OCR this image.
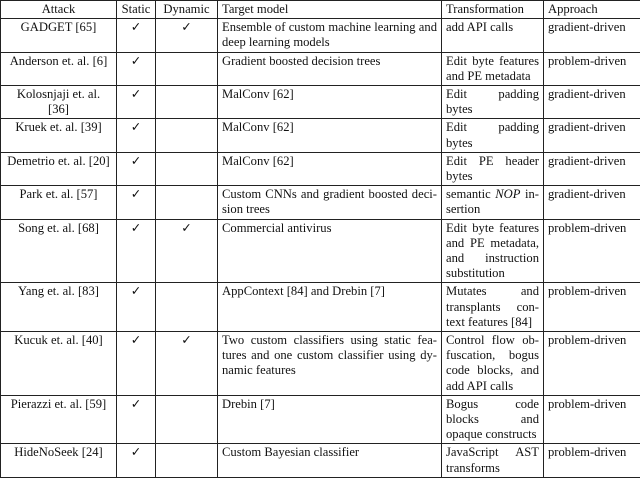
Attack	Static	Dynamic	Target model	Transformation	Approach
GADGET [65]	✓	✓	Ensemble of custom machine learning and deep learning models	add API calls	gradient-driven
Anderson et. al. [6]	✓		Gradient boosted decision trees	Edit byte features and PE metadata	problem-driven
Kolosnjaji et. al. [36]	✓		MalConv [62]	Edit padding bytes	gradient-driven
Kruek et. al. [39]	✓		MalConv [62]	Edit padding bytes	gradient-driven
Demetrio et. al. [20]	✓		MalConv [62]	Edit PE header bytes	gradient-driven
Park et. al. [57]	✓		Custom CNNs and gradient boosted decision trees	semantic NOP insertion	gradient-driven
Song et. al. [68]	✓	✓	Commercial antivirus	Edit byte features and PE metadata, and instruction substitution	problem-driven
Yang et. al. [83]	✓		AppContext [84] and Drebin [7]	Mutates and transplants context features [84]	problem-driven
Kucuk et. al. [40]	✓	✓	Two custom classifiers using static features and one custom classifier using dynamic features	Control flow obfuscation, bogus code blocks, and add API calls	problem-driven
Pierazzi et. al. [59]	✓		Drebin [7]	Bogus code blocks and opaque constructs	problem-driven
HideNoSeek [24]	✓		Custom Bayesian classifier	JavaScript AST transforms	problem-driven
